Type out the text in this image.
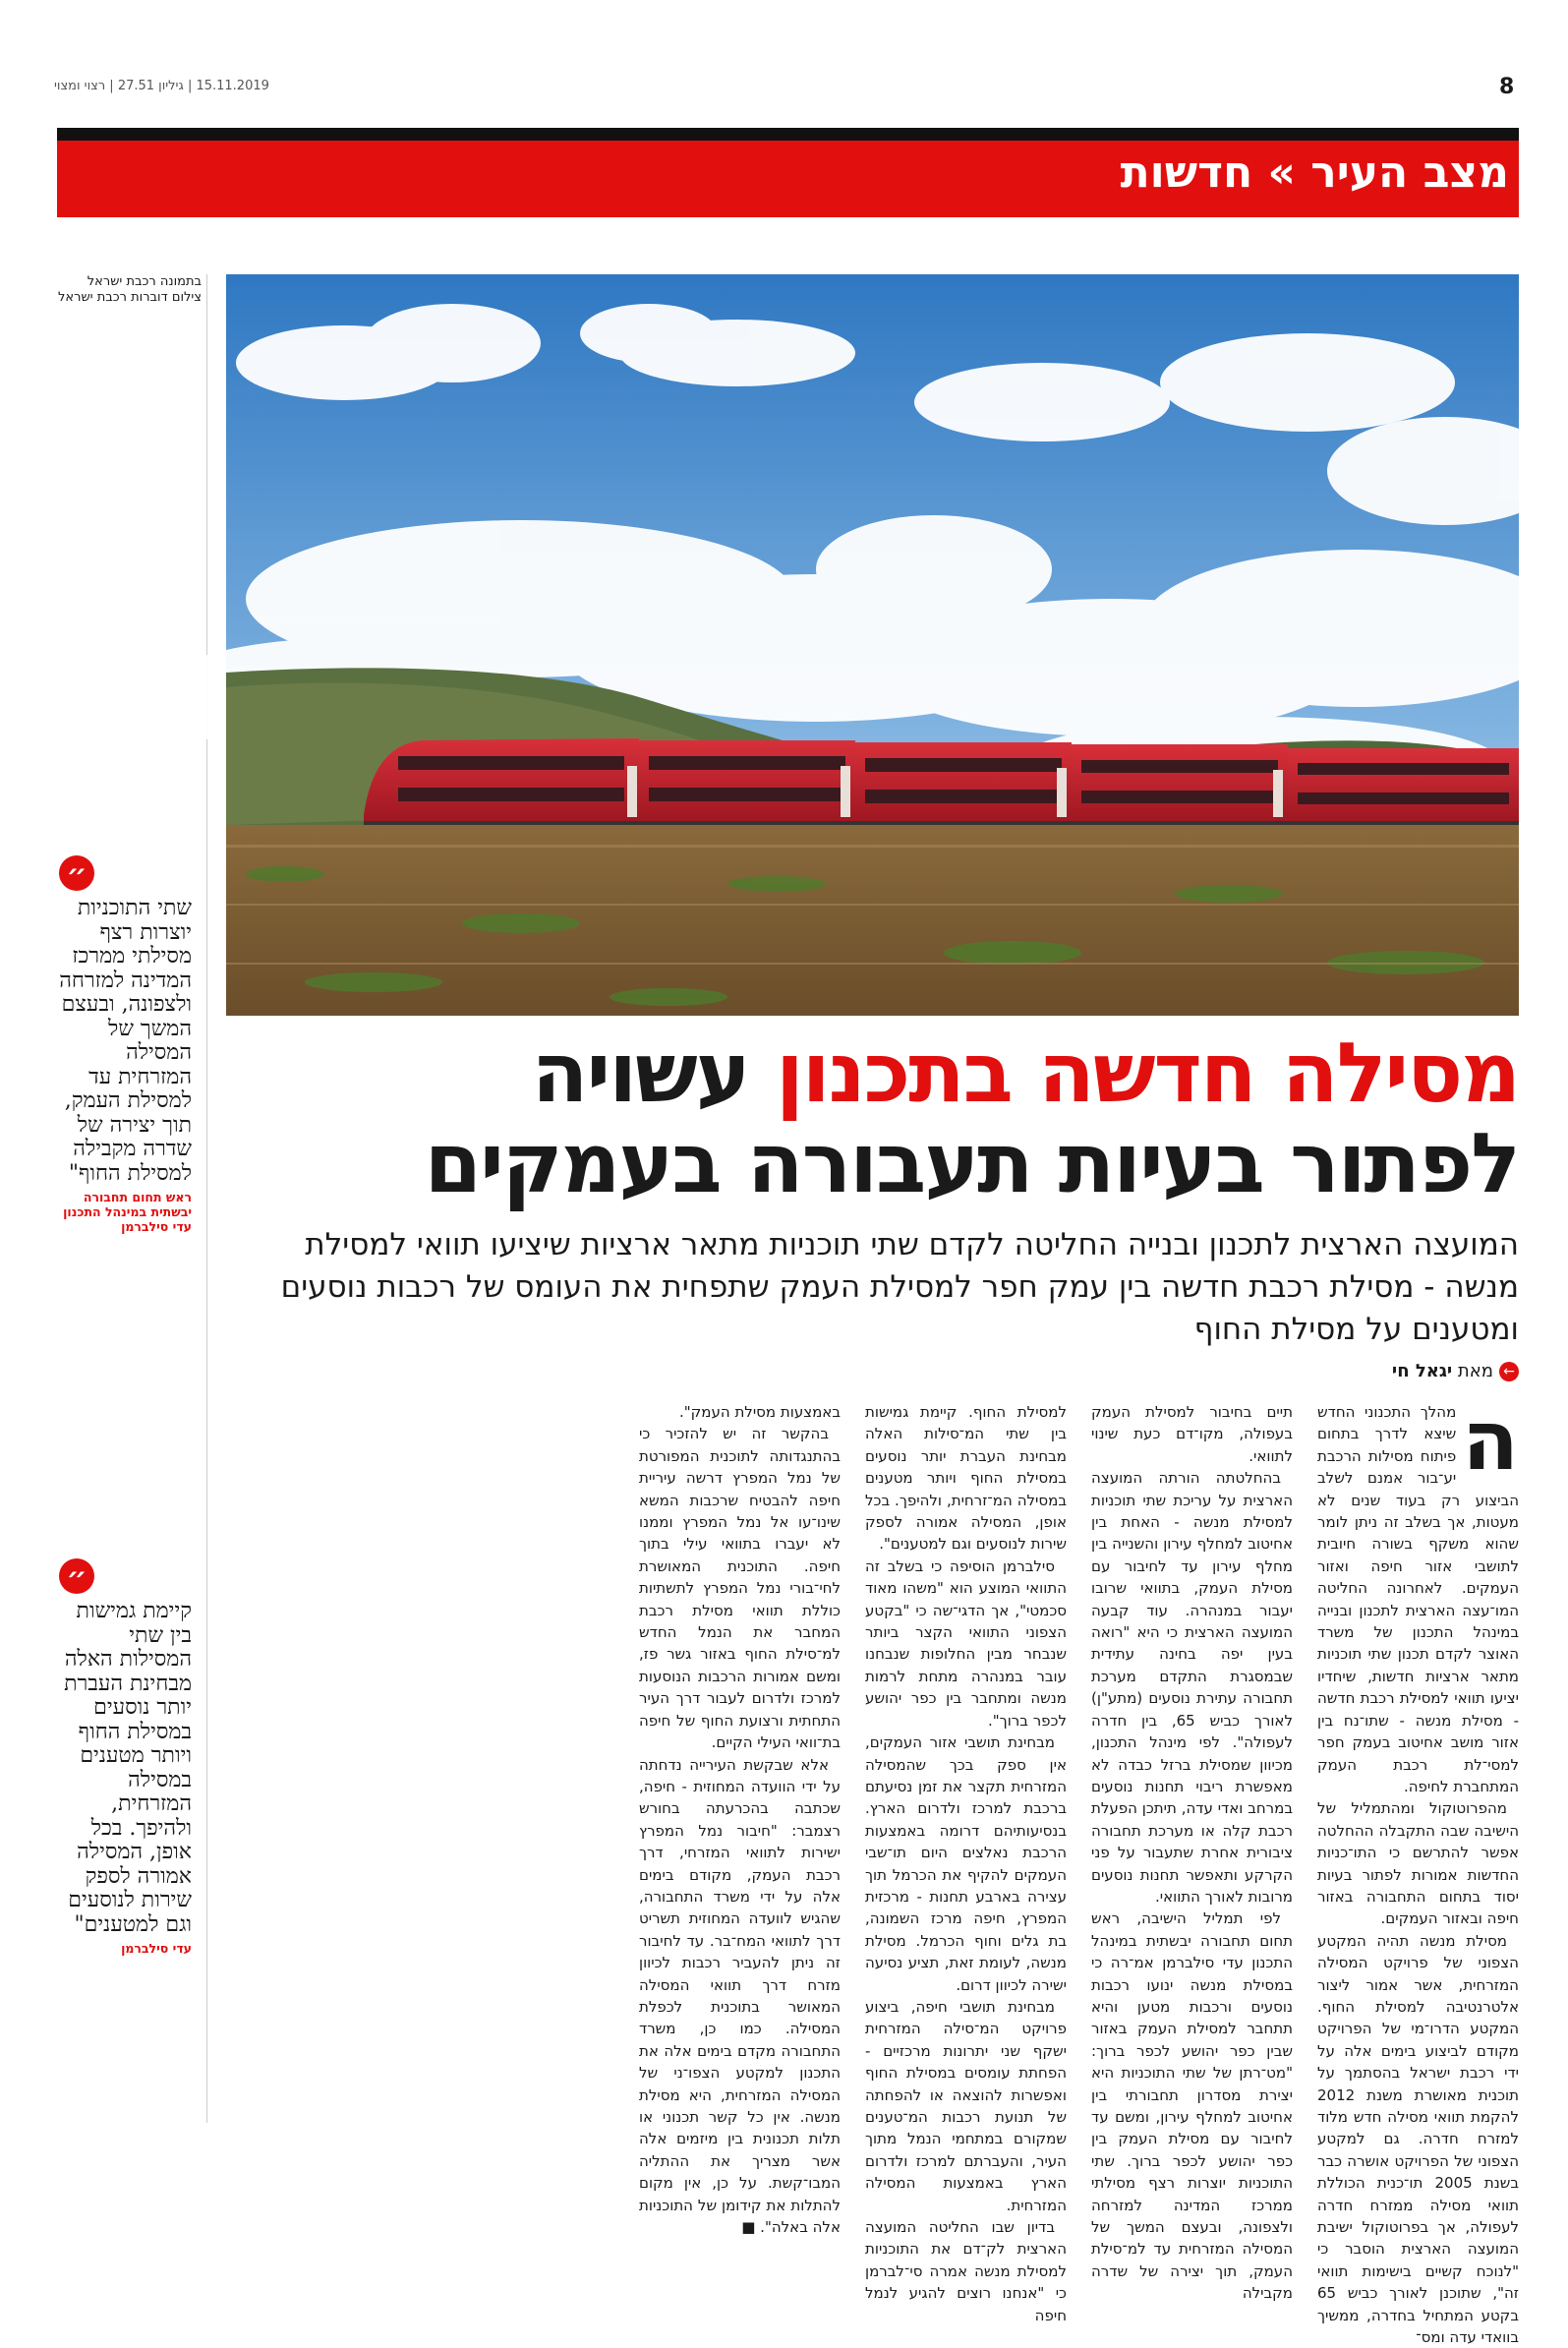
15.11.2019 | גיליון 27.51 | רצוי ומצוי	8
מצב העיר » חדשות
בתמונה רכבת ישראל צילום דוברות רכבת ישראל
מסילה חדשה בתכנון עשויה
לפתור בעיות תעבורה בעמקים
המועצה הארצית לתכנון ובנייה החליטה לקדם שתי תוכניות מתאר ארציות שיציעו תוואי למסילת מנשה - מסילת רכבת חדשה בין עמק חפר למסילת העמק שתפחית את העומס של רכבות נוסעים ומטענים על מסילת החוף
←מאת יגאל חי
ה

מהלך התכנוני החדש שיצא לדרך בתחום פיתוח מסילות הרכבת יע־בור אמנם לשלב הביצוע רק בעוד שנים לא מעטות, אך בשלב זה ניתן לומר שהוא משקף בשורה חיובית לתושבי אזור חיפה ואזור העמקים. לאחרונה החליטה המו־עצה הארצית לתכנון ובנייה במינהל התכנון של משרד האוצר לקדם תכנון שתי תוכניות מתאר ארציות חדשות, שיחדיו יציעו תוואי למסילת רכבת חדשה - מסילת מנשה - שתו־נח בין אזור מושב אחיטוב בעמק חפר למסי־לת רכבת העמק המתחברת לחיפה.

מהפרוטוקול ומהתמליל של הישיבה שבה התקבלה ההחלטה אפשר להתרשם כי התו־כניות החדשות אמורות לפתור בעיות יסוד בתחום התחבורה באזור חיפה ובאזור העמקים.

מסילת מנשה תהיה המקטע הצפוני של פרויקט המסילה המזרחית, אשר אמור ליצור אלטרנטיבה למסילת החוף. המקטע הדרו־מי של הפרויקט מקודם לביצוע בימים אלה על ידי רכבת ישראל בהסתמך על תוכנית מאושרת משנת 2012 להקמת תוואי מסילה חדש מלוד למזרח חדרה. גם למקטע הצפוני של הפרויקט אושרה כבר בשנת 2005 תו־כנית הכוללת תוואי מסילה ממזרח חדרה לעפולה, אך בפרוטוקול ישיבת המועצה הארצית הוסבר כי "לנוכח קשיים בישימות תוואי זה", שתוכנן לאורך כביש 65 בקטע המתחיל בחדרה, ממשיך בוואדי עדה ומס־

תיים בחיבור למסילת העמק בעפולה, מקו־דם כעת שינוי לתוואי.

בהחלטתה הורתה המועצה הארצית על עריכת שתי תוכניות למסילת מנשה - האחת בין אחיטוב למחלף עירון והשנייה בין מחלף עירון עד לחיבור עם מסילת העמק, בתוואי שרובו יעבור במנהרה. עוד קבעה המועצה הארצית כי היא "רואה בעין יפה בחינה עתידית שבמסגרת התקדם מערכת תחבורה עתירת נוסעים (מתע"ן) לאורך כביש 65, בין חדרה לעפולה". לפי מינהל התכנון, מכיוון שמסילת ברזל כבדה לא מאפשרת ריבוי תחנות נוסעים במרחב ואדי עדה, תיתכן הפעלת רכבת קלה או מערכת תחבורה ציבורית אחרת שתעבור על פני הקרקע ותאפשר תחנות נוסעים מרובות לאורך התוואי.

לפי תמליל הישיבה, ראש תחום תחבורה יבשתית במינהל התכנון עדי סילברמן אמ־רה כי במסילת מנשה ינועו רכבות נוסעים ורכבות מטען והיא תתחבר למסילת העמק באזור שבין כפר יהושע לכפר ברוך: "מט־רתן של שתי התוכניות היא יצירת מסדרון תחבורתי בין אחיטוב למחלף עירון, ומשם עד לחיבור עם מסילת העמק בין כפר יהושע לכפר ברוך. שתי התוכניות יוצרות רצף מסילתי ממרכז המדינה למזרחה ולצפונה, ובעצם המשך של המסילה המזרחית עד למ־סילת העמק, תוך יצירה של שדרה מקבילה

למסילת החוף. קיימת גמישות בין שתי המ־סילות האלה מבחינת העברת יותר נוסעים במסילת החוף ויותר מטענים במסילה המ־זרחית, ולהיפך. בכל אופן, המסילה אמורה לספק שירות לנוסעים וגם למטענים".

סילברמן הוסיפה כי בשלב זה התוואי המוצע הוא "משהו מאוד סכמטי", אך הדגי־שה כי "בקטע הצפוני התוואי הקצר ביותר שנבחר מבין החלופות שנבחנו עובר במנהרה מתחת לרמות מנשה ומתחבר בין כפר יהושע לכפר ברוך".

מבחינת תושבי אזור העמקים, אין ספק בכך שהמסילה המזרחית תקצר את זמן נסיעתם ברכבת למרכז ולדרום הארץ. בנסיעותיהם דרומה באמצעות הרכבת נאלצים היום תו־שבי העמקים להקיף את הכרמל תוך עצירה בארבע תחנות - מרכזית המפרץ, חיפה מרכז השמונה, בת גלים וחוף הכרמל. מסילת מנשה, לעומת זאת, תציע נסיעה ישירה לכיוון דרום.

מבחינת תושבי חיפה, ביצוע פרויקט המ־סילה המזרחית ישקף שני יתרונות מרכזיים - הפחתת עומסים במסילת החוף ואפשרות להוצאה או להפחתה של תנועת רכבות המ־טענים שמקורם במתחמי הנמל מתוך העיר, והעברתם למרכז ולדרום הארץ באמצעות המסילה המזרחית.

בדיון שבו החליטה המועצה הארצית לק־דם את התוכניות למסילת מנשה אמרה סי־לברמן כי "אנחנו רוצים להגיע לנמל חיפה

באמצעות מסילת העמק".

בהקשר זה יש להזכיר כי בהתנגדותה לתוכנית המפורטת של נמל המפרץ דרשה עיריית חיפה להבטיח שרכבות המשא שינו־עו אל נמל המפרץ וממנו לא יעברו בתוואי עילי בתוך חיפה. התוכנית המאושרת לחי־בורי נמל המפרץ לתשתיות כוללת תוואי מסילת רכבת המחבר את הנמל החדש למ־סילת החוף באזור גשר פז, ומשם אמורות הרכבות הנוסעות למרכז ולדרום לעבור דרך העיר התחתית ורצועת החוף של חיפה בת־וואי העילי הקיים.

אלא שבקשת העירייה נדחתה על ידי הוועדה המחוזית - חיפה, שכתבה בהכרעתה בחורש רצמבר: "חיבור נמל המפרץ ישירות לתוואי המזרחי, דרך רכבת העמק, מקודם בימים אלה על ידי משרד התחבורה, שהגיש לוועדה המחוזית תשריט דרך לתוואי המח־בר. עד לחיבור זה ניתן להעביר רכבות לכיוון מזרח דרך תוואי המסילה המאושר בתוכנית לכפלת המסילה. כמו כן, משרד התחבורה מקדם בימים אלה את התכנון למקטע הצפו־ני של המסילה המזרחית, היא מסילת מנשה. אין כל קשר תכנוני או תלות תכנונית בין מיזמים אלה אשר מצריך את ההתליה המבו־קשת. על כן, אין מקום להתלות את קידומן של התוכניות אלה באלה". ■

״
שתי התוכניות יוצרות רצף מסילתי ממרכז המדינה למזרחה ולצפונה, ובעצם המשך של המסילה המזרחית עד למסילת העמק, תוך יצירה של שדרה מקבילה למסילת החוף"
ראש תחום תחבורה יבשתית במינהל התכנון עדי סילברמן
״
קיימת גמישות בין שתי המסילות האלה מבחינת העברת יותר נוסעים במסילת החוף ויותר מטענים במסילה המזרחית, ולהיפך. בכל אופן, המסילה אמורה לספק שירות לנוסעים וגם למטענים"
עדי סילברמן
